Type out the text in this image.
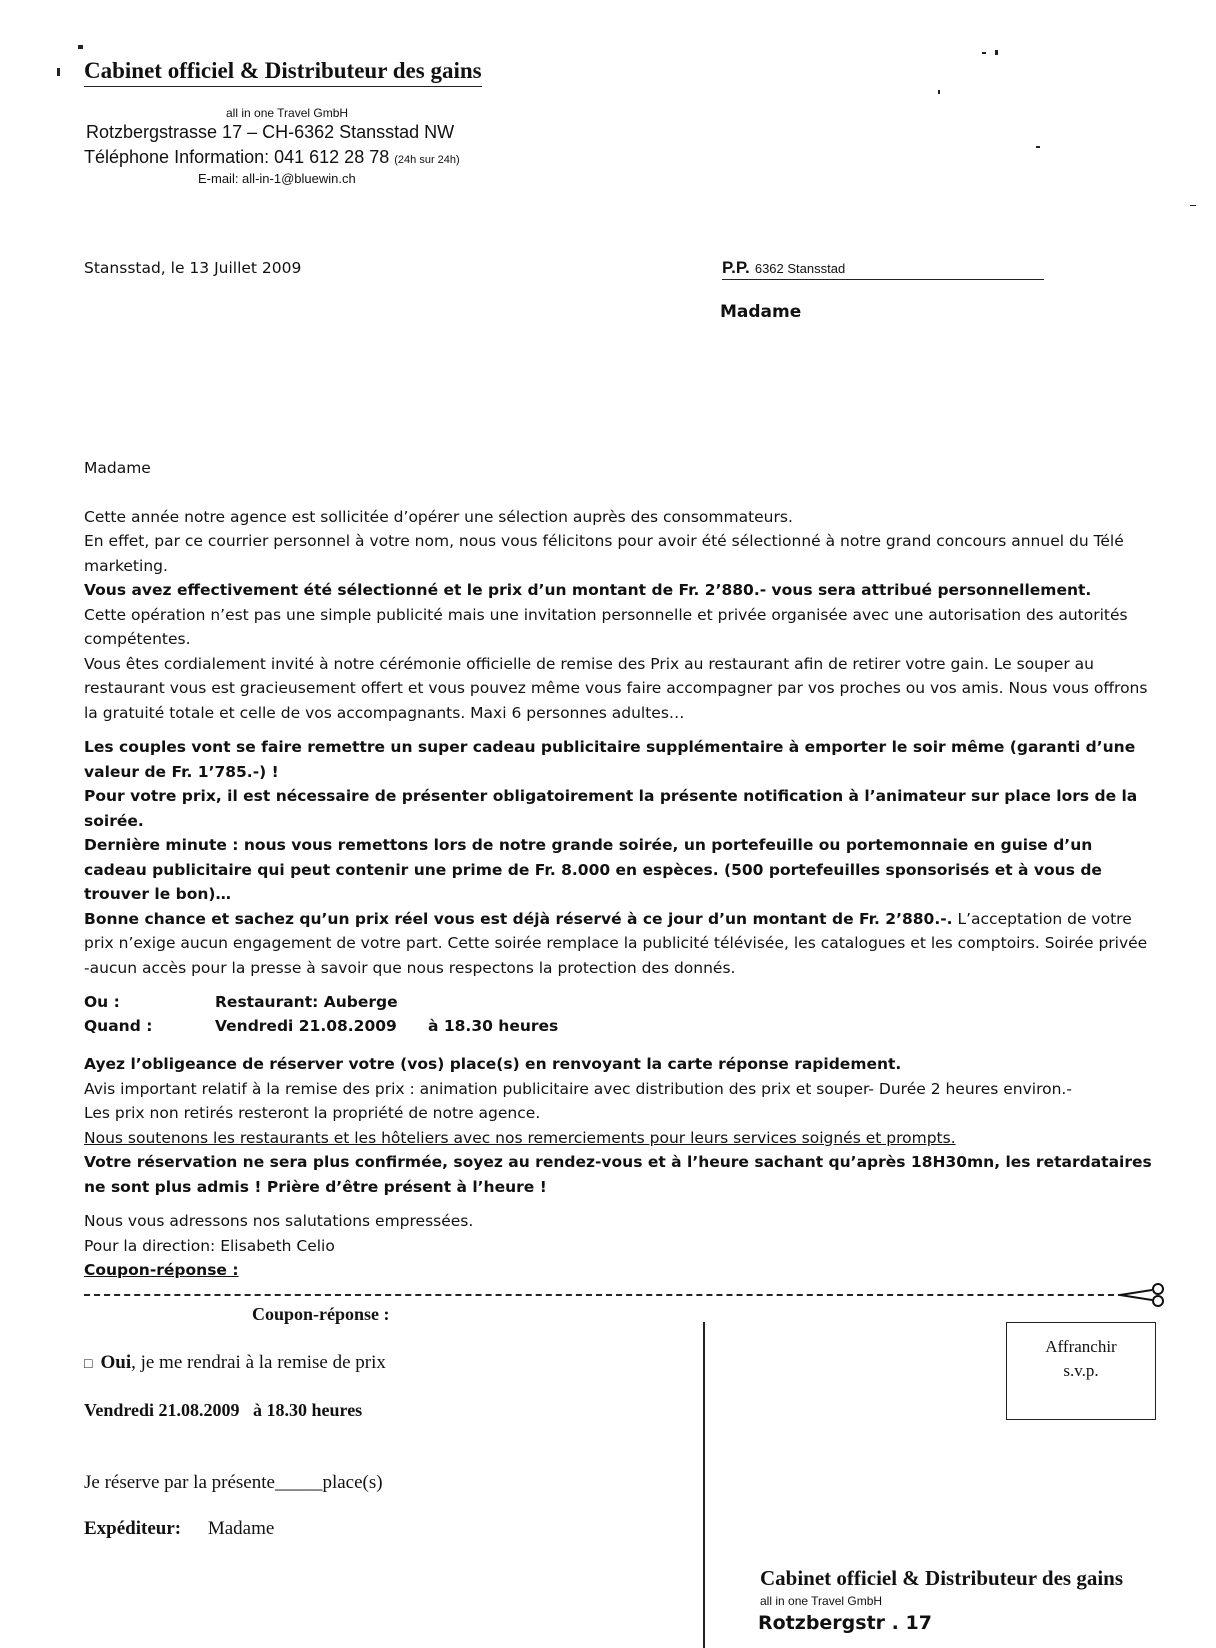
Cabinet officiel & Distributeur des gains
all in one Travel GmbH
Rotzbergstrasse 17 – CH-6362 Stansstad NW
Téléphone Information: 041 612 28 78 (24h sur 24h)
E-mail: all-in-1@bluewin.ch
Stansstad, le 13 Juillet 2009	P.P. 6362 Stansstad
Madame

Madame

Cette année notre agence est sollicitée d’opérer une sélection auprès des consommateurs.

En effet, par ce courrier personnel à votre nom, nous vous félicitons pour avoir été sélectionné à notre grand concours annuel du Télé marketing.

Vous avez effectivement été sélectionné et le prix d’un montant de Fr. 2’880.- vous sera attribué personnellement.

Cette opération n’est pas une simple publicité mais une invitation personnelle et privée organisée avec une autorisation des autorités compétentes.

Vous êtes cordialement invité à notre cérémonie officielle de remise des Prix au restaurant afin de retirer votre gain. Le souper au restaurant vous est gracieusement offert et vous pouvez même vous faire accompagner par vos proches ou vos amis. Nous vous offrons la gratuité totale et celle de vos accompagnants. Maxi 6 personnes adultes…

Les couples vont se faire remettre un super cadeau publicitaire supplémentaire à emporter le soir même (garanti d’une valeur de Fr. 1’785.-) !

Pour votre prix, il est nécessaire de présenter obligatoirement la présente notification à l’animateur sur place lors de la soirée.

Dernière minute : nous vous remettons lors de notre grande soirée, un portefeuille ou portemonnaie en guise d’un cadeau publicitaire qui peut contenir une prime de Fr. 8.000 en espèces. (500 portefeuilles sponsorisés et à vous de trouver le bon)…

Bonne chance et sachez qu’un prix réel vous est déjà réservé à ce jour d’un montant de Fr. 2’880.-. L’acceptation de votre prix n’exige aucun engagement de votre part. Cette soirée remplace la publicité télévisée, les catalogues et les comptoirs. Soirée privée -aucun accès pour la presse à savoir que nous respectons la protection des donnés.

Ou :	Restaurant: Auberge
Quand :	Vendredi 21.08.2009 à 18.30 heures

Ayez l’obligeance de réserver votre (vos) place(s) en renvoyant la carte réponse rapidement.

Avis important relatif à la remise des prix : animation publicitaire avec distribution des prix et souper- Durée 2 heures environ.-

Les prix non retirés resteront la propriété de notre agence.

Nous soutenons les restaurants et les hôteliers avec nos remerciements pour leurs services soignés et prompts.

Votre réservation ne sera plus confirmée, soyez au rendez-vous et à l’heure sachant qu’après 18H30mn, les retardataires ne sont plus admis ! Prière d’être présent à l’heure !

Nous vous adressons nos salutations empressées.

Pour la direction: Elisabeth Celio

Coupon-réponse :

Coupon-réponse :
□ Oui, je me rendrai à la remise de prix
Vendredi 21.08.2009   à 18.30 heures
Je réserve par la présente_____place(s)
Expéditeur: Madame
Affranchir
s.v.p.
Cabinet officiel & Distributeur des gains
all in one Travel GmbH
Rotzbergstr . 17
